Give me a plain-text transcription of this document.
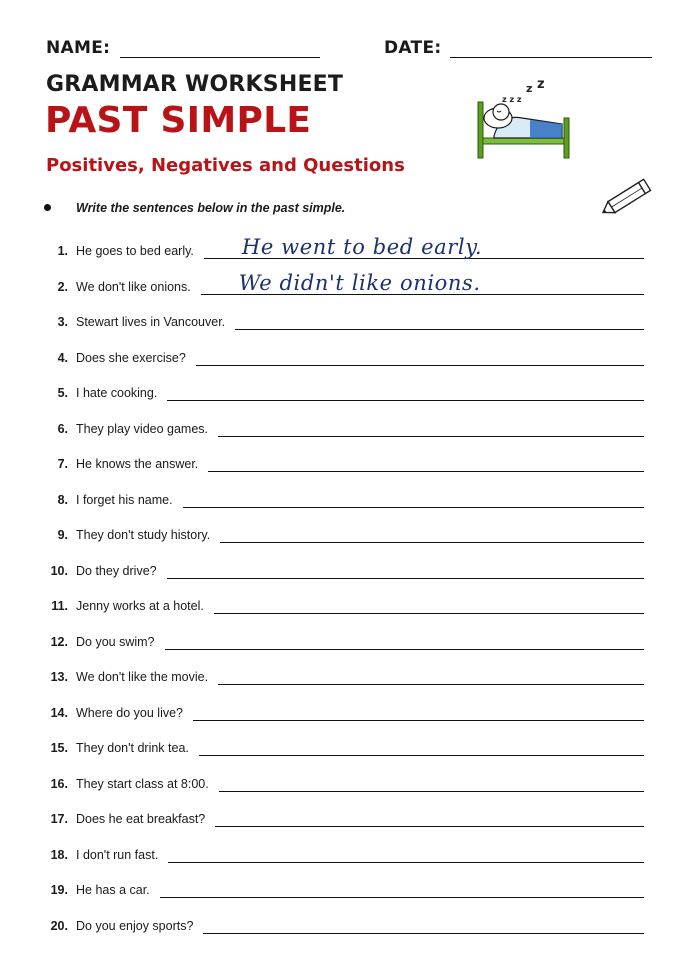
NAME:	DATE:
GRAMMAR WORKSHEET
PAST SIMPLE
Positives, Negatives and Questions
z z z
z z
Write the sentences below in the past simple.
1. He goes to bed early. He went to bed early.
2. We don't like onions. We didn't like onions.
3. Stewart lives in Vancouver.
4. Does she exercise?
5. I hate cooking.
6. They play video games.
7. He knows the answer.
8. I forget his name.
9. They don't study history.
10. Do they drive?
11. Jenny works at a hotel.
12. Do you swim?
13. We don't like the movie.
14. Where do you live?
15. They don't drink tea.
16. They start class at 8:00.
17. Does he eat breakfast?
18. I don't run fast.
19. He has a car.
20. Do you enjoy sports?
